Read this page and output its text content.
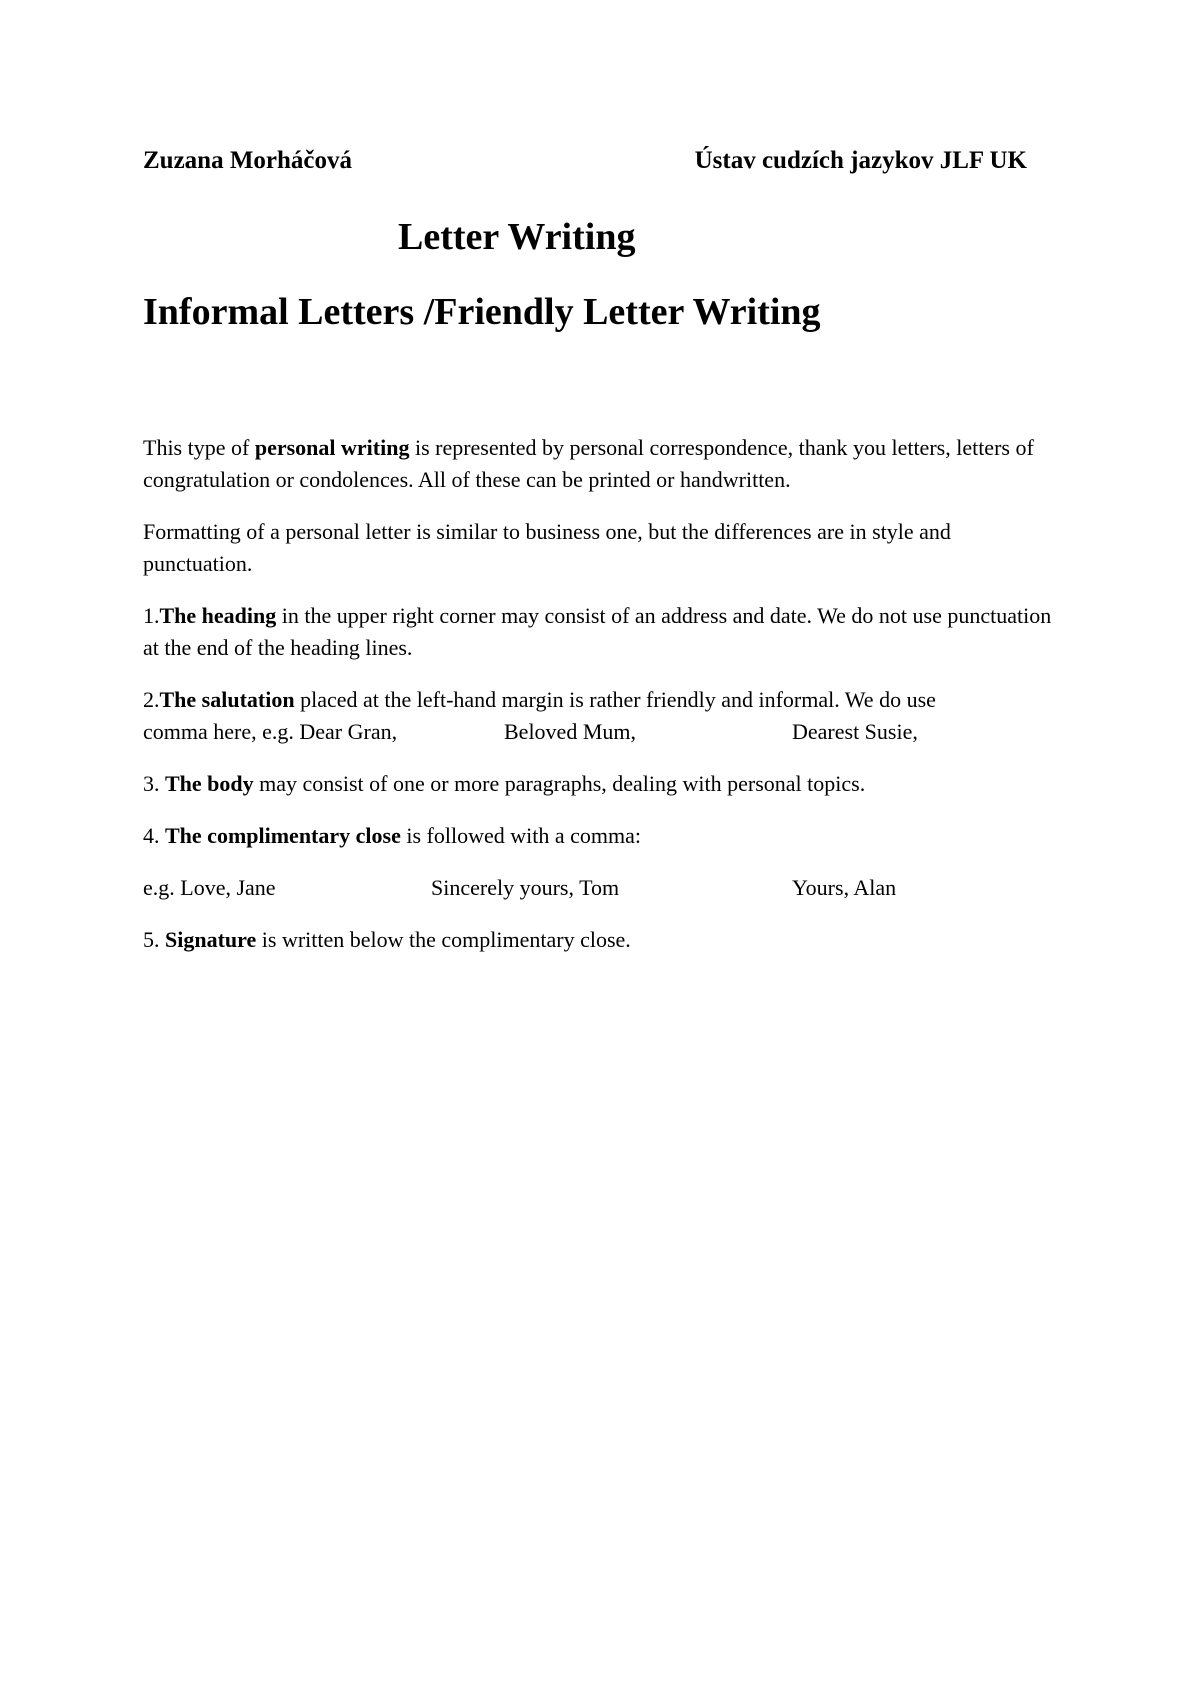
Zuzana Morháčová	Ústav cudzích jazykov JLF UK
Letter Writing
Informal Letters /Friendly Letter Writing

This type of personal writing is represented by personal correspondence, thank you letters, letters of congratulation or condolences. All of these can be printed or handwritten.

Formatting of a personal letter is similar to business one, but the differences are in style and punctuation.

1.The heading in the upper right corner may consist of an address and date. We do not use punctuation at the end of the heading lines.

2.The salutation placed at the left-hand margin is rather friendly and informal. We do use
comma here, e.g. Dear Gran,	Beloved Mum,	Dearest Susie,

3. The body may consist of one or more paragraphs, dealing with personal topics.

4. The complimentary close is followed with a comma:

e.g. Love, Jane	Sincerely yours, Tom	Yours, Alan

5. Signature is written below the complimentary close.
